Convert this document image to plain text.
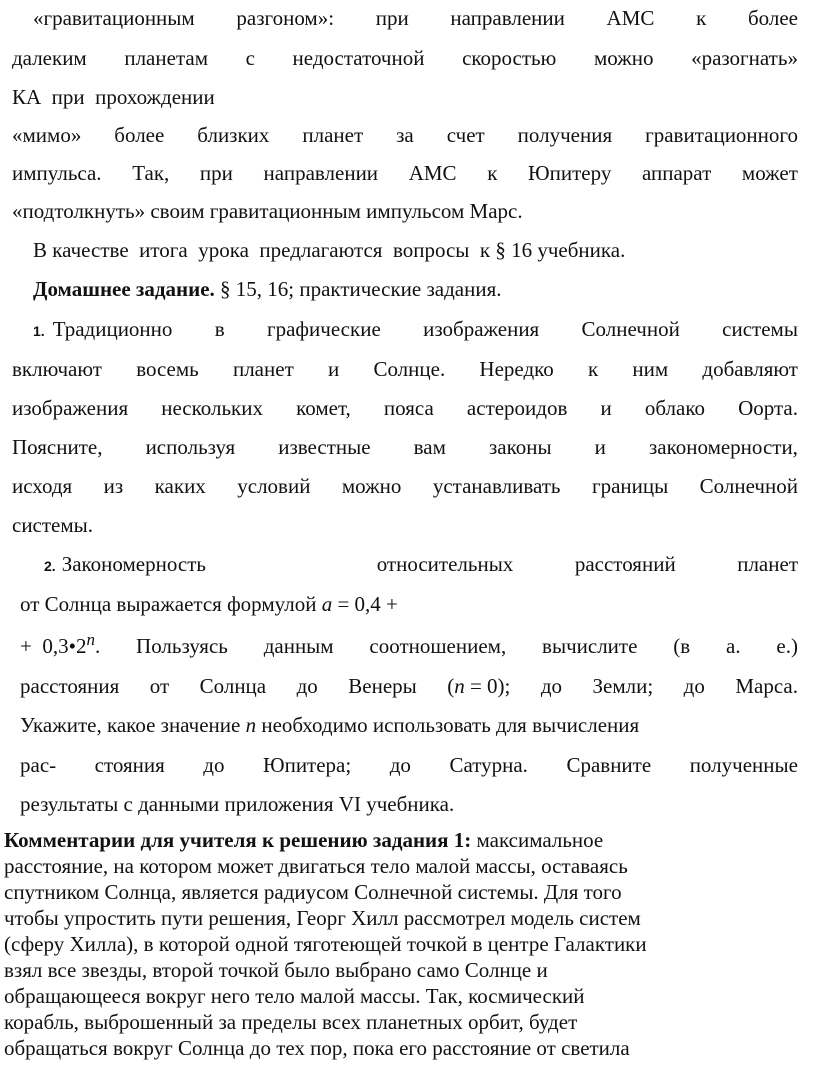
«гравитационным разгоном»: при направлении АМС к более
далеким планетам с недостаточной скоростью можно «разогнать»
КА  при  прохождении
«мимо» более близких планет за счет получения гравитационного
импульса. Так, при направлении АМС к Юпитеру аппарат может
«подтолкнуть» своим гравитационным импульсом Марс.
В качестве  итога  урока  предлагаются  вопросы  к § 16 учебника.
Домашнее задание. § 15, 16; практические задания.
1. Традиционно в графические изображения Солнечной системы
включают восемь планет и Солнце. Нередко к ним добавляют
изображения нескольких комет, пояса астероидов и облако Оорта.
Поясните, используя известные вам законы и закономерности,
исходя из каких условий можно устанавливать границы Солнечной
системы.
2. Закономерность	относительных	расстояний	планет
от Солнца выражается формулой a = 0,4 +
+ $0,3•2^n$. Пользуясь данным соотношением, вычислите (в а. е.)
расстояния от Солнца до Венеры (n = 0); до Земли; до Марса.
Укажите, какое значение n необходимо использовать для вычисления
рас- стояния до Юпитера; до Сатурна. Сравните полученные
результаты с данными приложения VI учебника.
Комментарии для учителя к решению задания 1: максимальное
расстояние, на котором может двигаться тело малой массы, оставаясь
спутником Солнца, является радиусом Солнечной системы. Для того
чтобы упростить пути решения, Георг Хилл рассмотрел модель систем
(сферу Хилла), в которой одной тяготеющей точкой в центре Галактики
взял все звезды, второй точкой было выбрано само Солнце и
обращающееся вокруг него тело малой массы. Так, космический
корабль, выброшенный за пределы всех планетных орбит, будет
обращаться вокруг Солнца до тех пор, пока его расстояние от светила
